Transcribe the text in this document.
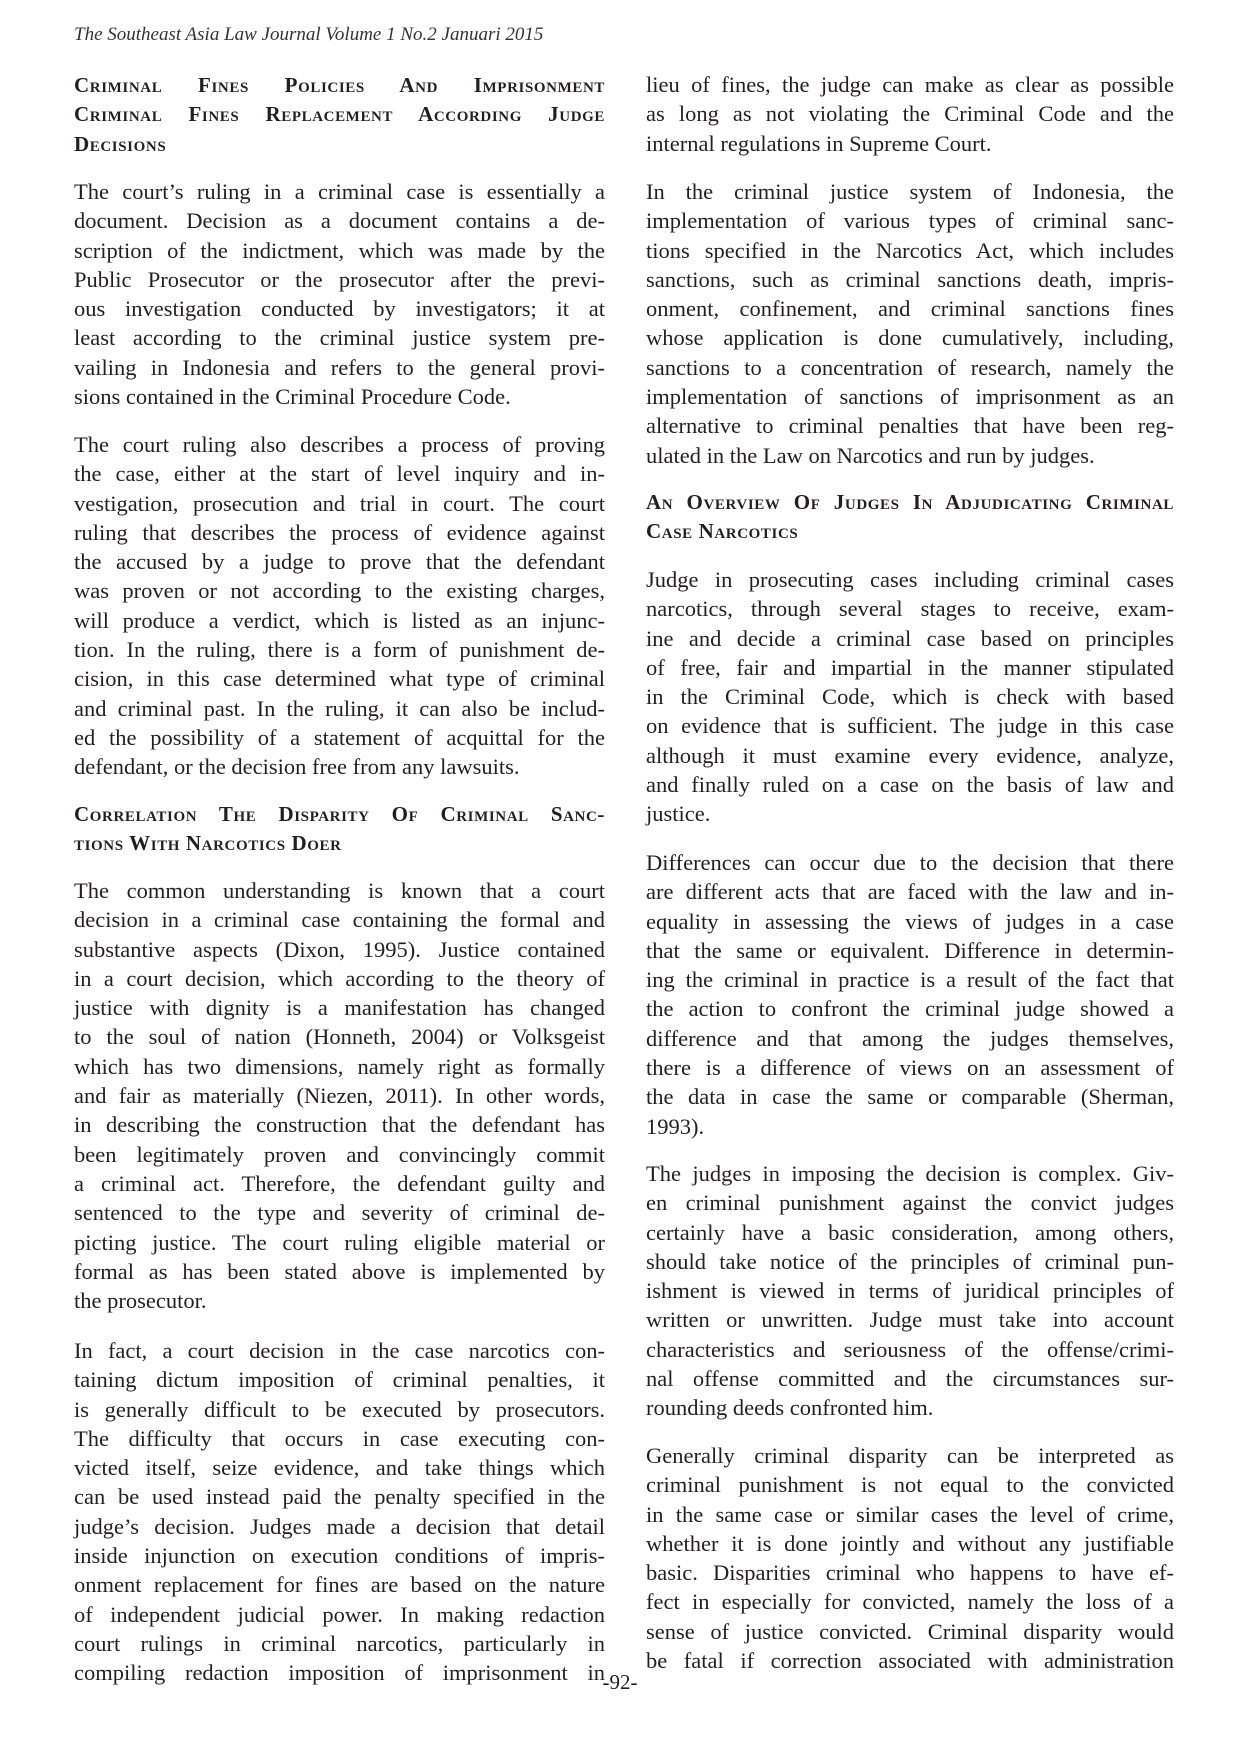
The Southeast Asia Law Journal Volume 1 No.2 Januari 2015
Criminal Fines Policies And Imprisonment
Criminal Fines Replacement According Judge
Decisions
The court’s ruling in a criminal case is essentially a
document. Decision as a document contains a de-
scription of the indictment, which was made by the
Public Prosecutor or the prosecutor after the previ-
ous investigation conducted by investigators; it at
least according to the criminal justice system pre-
vailing in Indonesia and refers to the general provi-
sions contained in the Criminal Procedure Code.
The court ruling also describes a process of proving
the case, either at the start of level inquiry and in-
vestigation, prosecution and trial in court. The court
ruling that describes the process of evidence against
the accused by a judge to prove that the defendant
was proven or not according to the existing charges,
will produce a verdict, which is listed as an injunc-
tion. In the ruling, there is a form of punishment de-
cision, in this case determined what type of criminal
and criminal past. In the ruling, it can also be includ-
ed the possibility of a statement of acquittal for the
defendant, or the decision free from any lawsuits.
Correlation The Disparity Of Criminal Sanc-
tions With Narcotics Doer
The common understanding is known that a court
decision in a criminal case containing the formal and
substantive aspects (Dixon, 1995). Justice contained
in a court decision, which according to the theory of
justice with dignity is a manifestation has changed
to the soul of nation (Honneth, 2004) or Volksgeist
which has two dimensions, namely right as formally
and fair as materially (Niezen, 2011). In other words,
in describing the construction that the defendant has
been legitimately proven and convincingly commit
a criminal act. Therefore, the defendant guilty and
sentenced to the type and severity of criminal de-
picting justice. The court ruling eligible material or
formal as has been stated above is implemented by
the prosecutor.
In fact, a court decision in the case narcotics con-
taining dictum imposition of criminal penalties, it
is generally difficult to be executed by prosecutors.
The difficulty that occurs in case executing con-
victed itself, seize evidence, and take things which
can be used instead paid the penalty specified in the
judge’s decision. Judges made a decision that detail
inside injunction on execution conditions of impris-
onment replacement for fines are based on the nature
of independent judicial power. In making redaction
court rulings in criminal narcotics, particularly in
compiling redaction imposition of imprisonment in
lieu of fines, the judge can make as clear as possible
as long as not violating the Criminal Code and the
internal regulations in Supreme Court.
In the criminal justice system of Indonesia, the
implementation of various types of criminal sanc-
tions specified in the Narcotics Act, which includes
sanctions, such as criminal sanctions death, impris-
onment, confinement, and criminal sanctions fines
whose application is done cumulatively, including,
sanctions to a concentration of research, namely the
implementation of sanctions of imprisonment as an
alternative to criminal penalties that have been reg-
ulated in the Law on Narcotics and run by judges.
An Overview Of Judges In Adjudicating Criminal
Case Narcotics
Judge in prosecuting cases including criminal cases
narcotics, through several stages to receive, exam-
ine and decide a criminal case based on principles
of free, fair and impartial in the manner stipulated
in the Criminal Code, which is check with based
on evidence that is sufficient. The judge in this case
although it must examine every evidence, analyze,
and finally ruled on a case on the basis of law and
justice.
Differences can occur due to the decision that there
are different acts that are faced with the law and in-
equality in assessing the views of judges in a case
that the same or equivalent. Difference in determin-
ing the criminal in practice is a result of the fact that
the action to confront the criminal judge showed a
difference and that among the judges themselves,
there is a difference of views on an assessment of
the data in case the same or comparable (Sherman,
1993).
The judges in imposing the decision is complex. Giv-
en criminal punishment against the convict judges
certainly have a basic consideration, among others,
should take notice of the principles of criminal pun-
ishment is viewed in terms of juridical principles of
written or unwritten. Judge must take into account
characteristics and seriousness of the offense/crimi-
nal offense committed and the circumstances sur-
rounding deeds confronted him.
Generally criminal disparity can be interpreted as
criminal punishment is not equal to the convicted
in the same case or similar cases the level of crime,
whether it is done jointly and without any justifiable
basic. Disparities criminal who happens to have ef-
fect in especially for convicted, namely the loss of a
sense of justice convicted. Criminal disparity would
be fatal if correction associated with administration
-92-
